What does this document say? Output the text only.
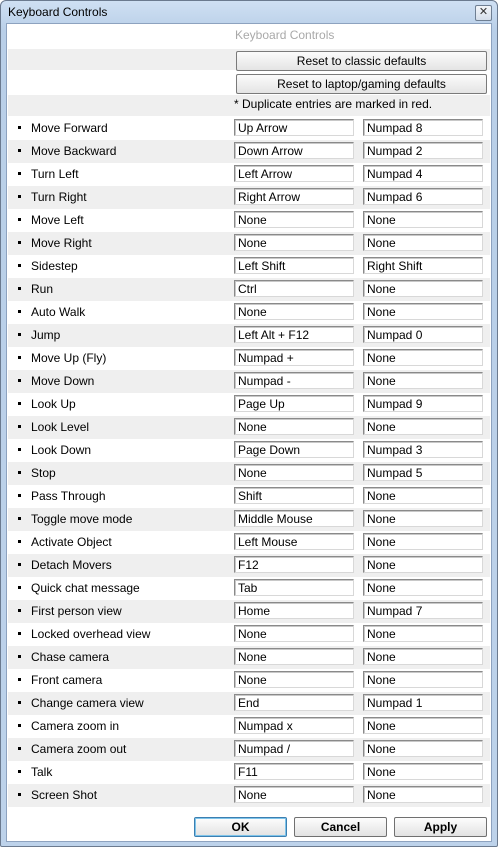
Keyboard Controls	✕
Keyboard Controls
Reset to classic defaults
Reset to laptop/gaming defaults
* Duplicate entries are marked in red.
Move Forward	Up Arrow	Numpad 8
Move Backward	Down Arrow	Numpad 2
Turn Left	Left Arrow	Numpad 4
Turn Right	Right Arrow	Numpad 6
Move Left	None	None
Move Right	None	None
Sidestep	Left Shift	Right Shift
Run	Ctrl	None
Auto Walk	None	None
Jump	Left Alt + F12	Numpad 0
Move Up (Fly)	Numpad +	None
Move Down	Numpad -	None
Look Up	Page Up	Numpad 9
Look Level	None	None
Look Down	Page Down	Numpad 3
Stop	None	Numpad 5
Pass Through	Shift	None
Toggle move mode	Middle Mouse	None
Activate Object	Left Mouse	None
Detach Movers	F12	None
Quick chat message	Tab	None
First person view	Home	Numpad 7
Locked overhead view	None	None
Chase camera	None	None
Front camera	None	None
Change camera view	End	Numpad 1
Camera zoom in	Numpad x	None
Camera zoom out	Numpad /	None
Talk	F11	None
Screen Shot	None	None
OK	Cancel	Apply
